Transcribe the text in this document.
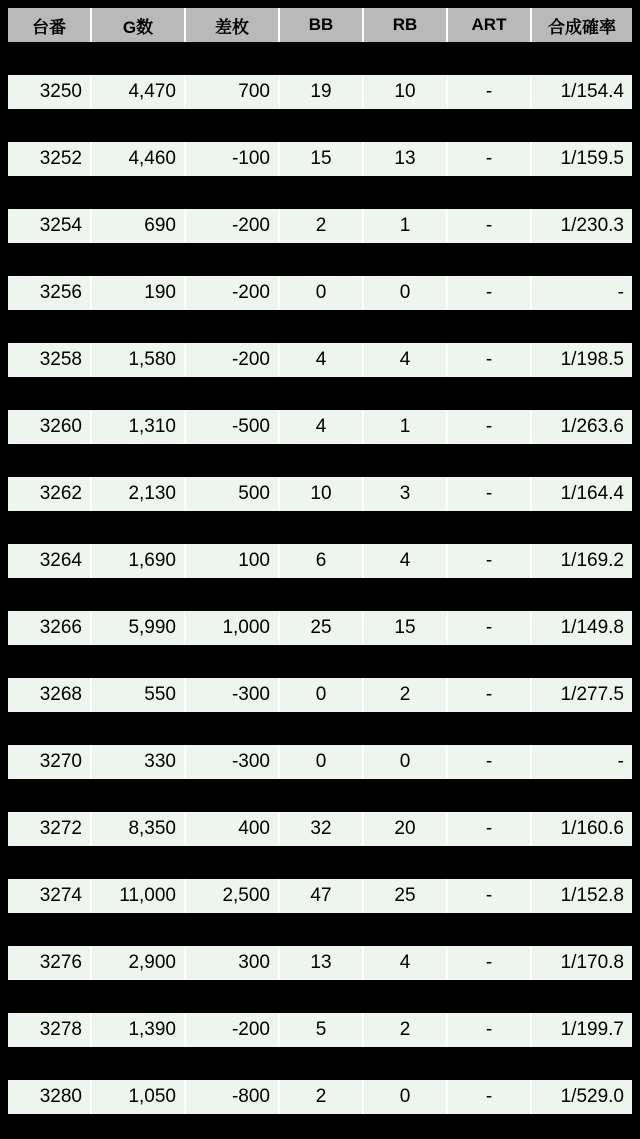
台番	G数	差枚	BB	RB	ART	合成確率

3250	4,470	700	19	10	-	1/154.4

3252	4,460	-100	15	13	-	1/159.5

3254	690	-200	2	1	-	1/230.3

3256	190	-200	0	0	-	-

3258	1,580	-200	4	4	-	1/198.5

3260	1,310	-500	4	1	-	1/263.6

3262	2,130	500	10	3	-	1/164.4

3264	1,690	100	6	4	-	1/169.2

3266	5,990	1,000	25	15	-	1/149.8

3268	550	-300	0	2	-	1/277.5

3270	330	-300	0	0	-	-

3272	8,350	400	32	20	-	1/160.6

3274	11,000	2,500	47	25	-	1/152.8

3276	2,900	300	13	4	-	1/170.8

3278	1,390	-200	5	2	-	1/199.7

3280	1,050	-800	2	0	-	1/529.0
